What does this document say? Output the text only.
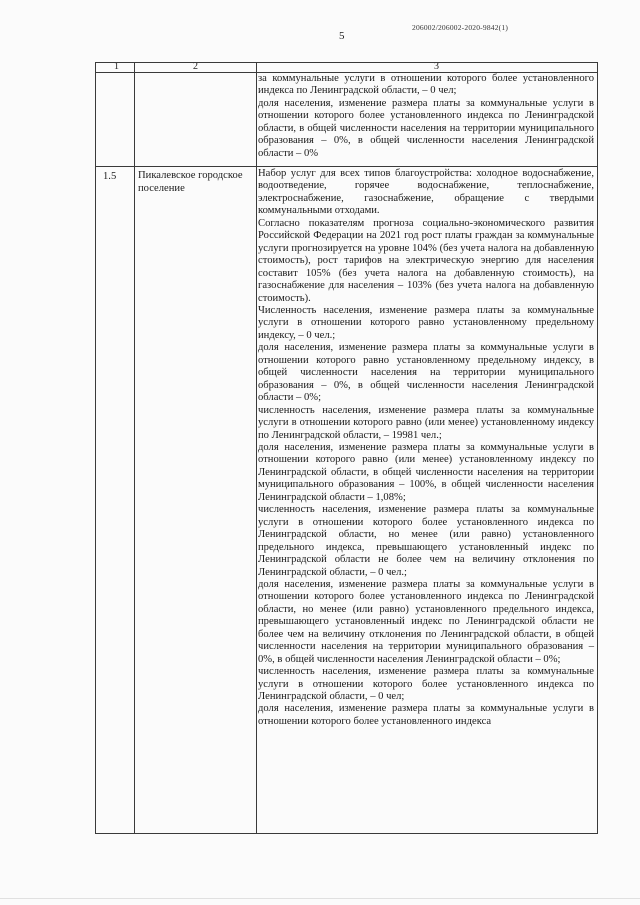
206002/206002-2020-9842(1)
5
1	2	3

за коммунальные услуги в отношении которого более установленного индекса по Ленинградской области, – 0 чел;

доля населения, изменение размера платы за коммунальные услуги в отношении которого более установленного индекса по Ленинградской области, в общей численности населения на территории муниципального образования – 0%, в общей численности населения Ленинградской области – 0%

1.5 Пикалевское городское поселение

Набор услуг для всех типов благоустройства: холодное водоснабжение, водоотведение, горячее водоснабжение, теплоснабжение, электроснабжение, газоснабжение, обращение с твердыми коммунальными отходами.

Согласно показателям прогноза социально-экономического развития Российской Федерации на 2021 год рост платы граждан за коммунальные услуги прогнозируется на уровне 104% (без учета налога на добавленную стоимость), рост тарифов на электрическую энергию для населения составит 105% (без учета налога на добавленную стоимость), на газоснабжение для населения – 103% (без учета налога на добавленную стоимость).

Численность населения, изменение размера платы за коммунальные услуги в отношении которого равно установленному предельному индексу, – 0 чел.;

доля населения, изменение размера платы за коммунальные услуги в отношении которого равно установленному предельному индексу, в общей численности населения на территории муниципального образования – 0%, в общей численности населения Ленинградской области – 0%;

численность населения, изменение размера платы за коммунальные услуги в отношении которого равно (или менее) установленному индексу по Ленинградской области, – 19981 чел.;

доля населения, изменение размера платы за коммунальные услуги в отношении которого равно (или менее) установленному индексу по Ленинградской области, в общей численности населения на территории муниципального образования – 100%, в общей численности населения Ленинградской области – 1,08%;

численность населения, изменение размера платы за коммунальные услуги в отношении которого более установленного индекса по Ленинградской области, но менее (или равно) установленного предельного индекса, превышающего установленный индекс по Ленинградской области не более чем на величину отклонения по Ленинградской области, – 0 чел.;

доля населения, изменение размера платы за коммунальные услуги в отношении которого более установленного индекса по Ленинградской области, но менее (или равно) установленного предельного индекса, превышающего установленный индекс по Ленинградской области не более чем на величину отклонения по Ленинградской области, в общей численности населения на территории муниципального образования – 0%, в общей численности населения Ленинградской области – 0%;

численность населения, изменение размера платы за коммунальные услуги в отношении которого более установленного индекса по Ленинградской области, – 0 чел;

доля населения, изменение размера платы за коммунальные услуги в отношении которого более установленного индекса
